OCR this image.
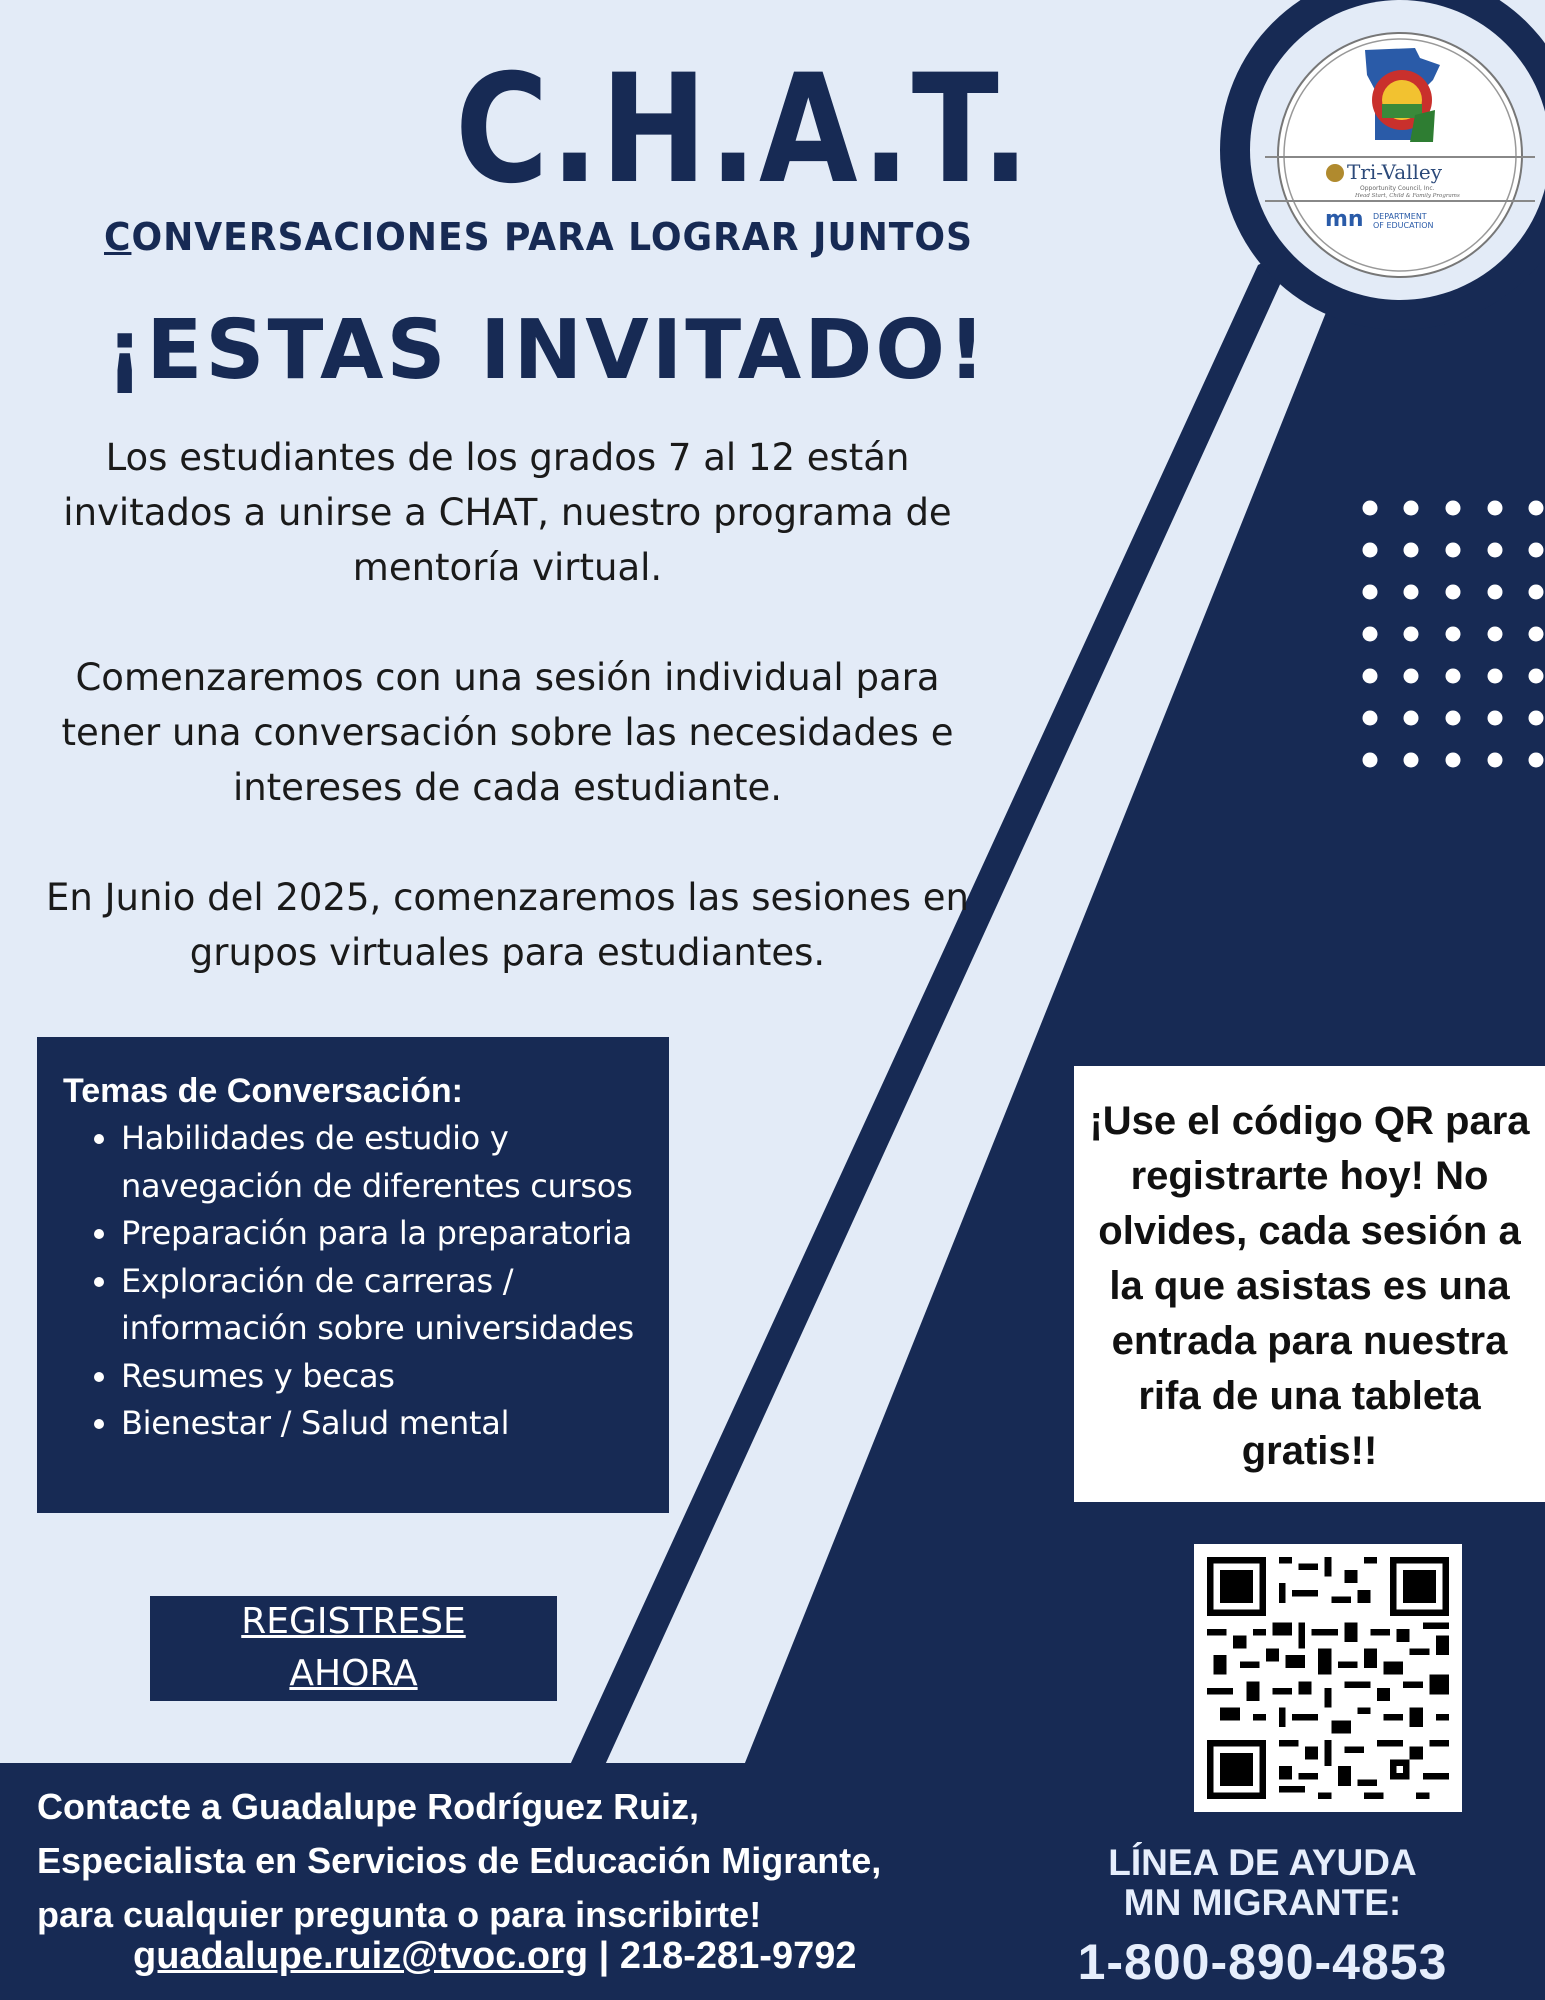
Tri-Valley
Opportunity Council, Inc.
Head Start, Child & Family Programs
mn DEPARTMENT
OF EDUCATION
C.H.A.T.
CONVERSACIONES PARA LOGRAR JUNTOS
¡ESTAS INVITADO!
Los estudiantes de los grados 7 al 12 están invitados a unirse a CHAT, nuestro programa de mentoría virtual.
Comenzaremos con una sesión individual para tener una conversación sobre las necesidades e intereses de cada estudiante.
En Junio del 2025, comenzaremos las sesiones en grupos virtuales para estudiantes.
Temas de Conversación:
• Habilidades de estudio y navegación de diferentes cursos
• Preparación para la preparatoria
• Exploración de carreras / información sobre universidades
• Resumes y becas
• Bienestar / Salud mental
REGISTRESE
AHORA
¡Use el código QR para registrarte hoy! No olvides, cada sesión a la que asistas es una entrada para nuestra rifa de una tableta gratis!!
Contacte a Guadalupe Rodríguez Ruiz,
Especialista en Servicios de Educación Migrante,
para cualquier pregunta o para inscribirte!
guadalupe.ruiz@tvoc.org | 218-281-9792
LÍNEA DE AYUDA
MN MIGRANTE:
1-800-890-4853
